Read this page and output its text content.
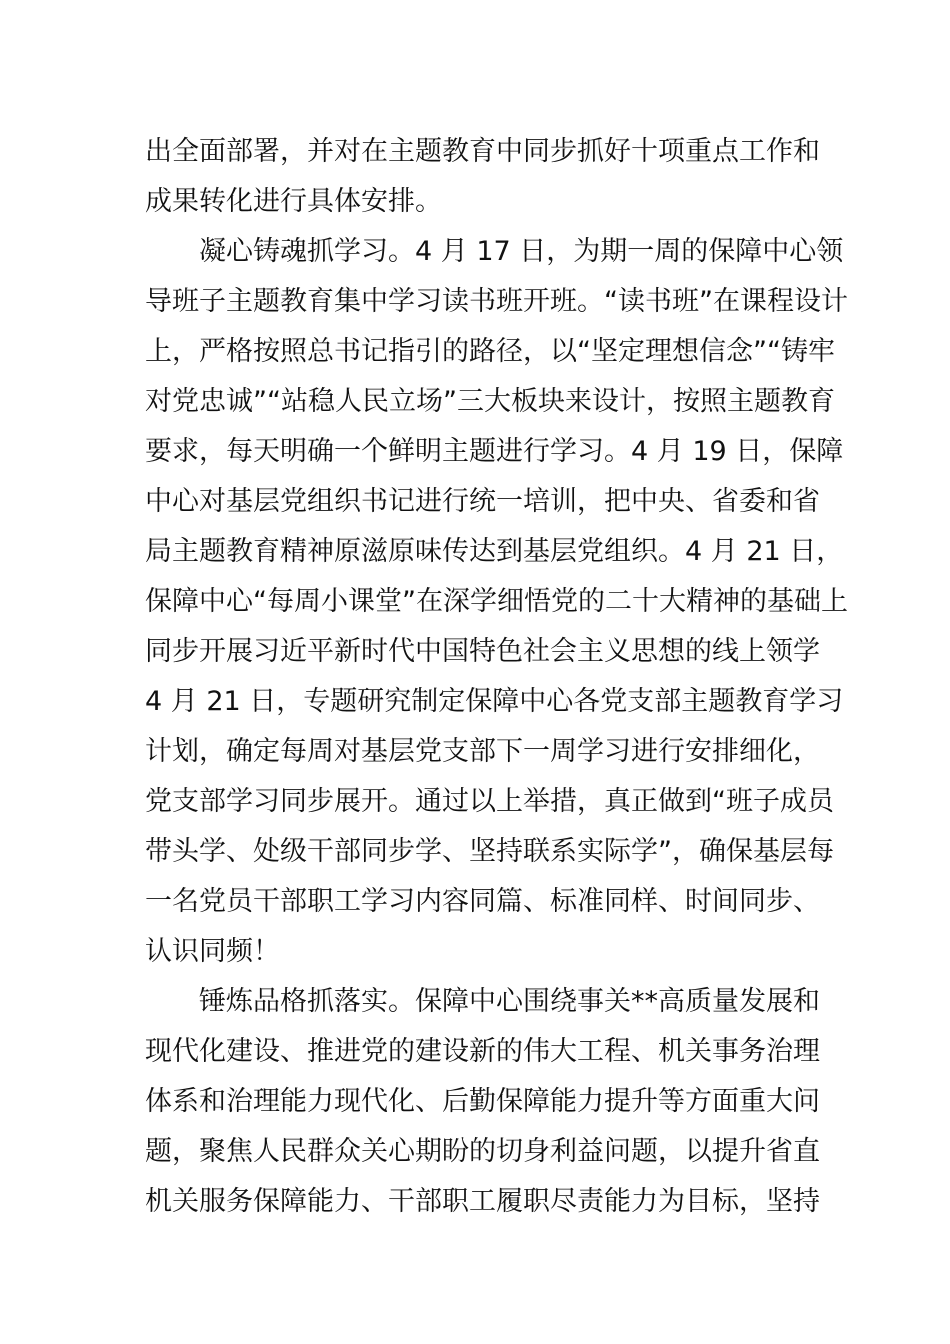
出全面部署，并对在主题教育中同步抓好十项重点工作和
成果转化进行具体安排。
凝心铸魂抓学习。4 月 17 日，为期一周的保障中心领
导班子主题教育集中学习读书班开班。“读书班”在课程设计
上，严格按照总书记指引的路径，以“坚定理想信念”“铸牢
对党忠诚”“站稳人民立场”三大板块来设计，按照主题教育
要求，每天明确一个鲜明主题进行学习。4 月 19 日，保障
中心对基层党组织书记进行统一培训，把中央、省委和省
局主题教育精神原滋原味传达到基层党组织。4 月 21 日，
保障中心“每周小课堂”在深学细悟党的二十大精神的基础上
同步开展习近平新时代中国特色社会主义思想的线上领学
4 月 21 日，专题研究制定保障中心各党支部主题教育学习
计划，确定每周对基层党支部下一周学习进行安排细化，
党支部学习同步展开。通过以上举措，真正做到“班子成员
带头学、处级干部同步学、坚持联系实际学”，确保基层每
一名党员干部职工学习内容同篇、标准同样、时间同步、
认识同频！
锤炼品格抓落实。保障中心围绕事关**高质量发展和
现代化建设、推进党的建设新的伟大工程、机关事务治理
体系和治理能力现代化、后勤保障能力提升等方面重大问
题，聚焦人民群众关心期盼的切身利益问题，以提升省直
机关服务保障能力、干部职工履职尽责能力为目标，坚持
